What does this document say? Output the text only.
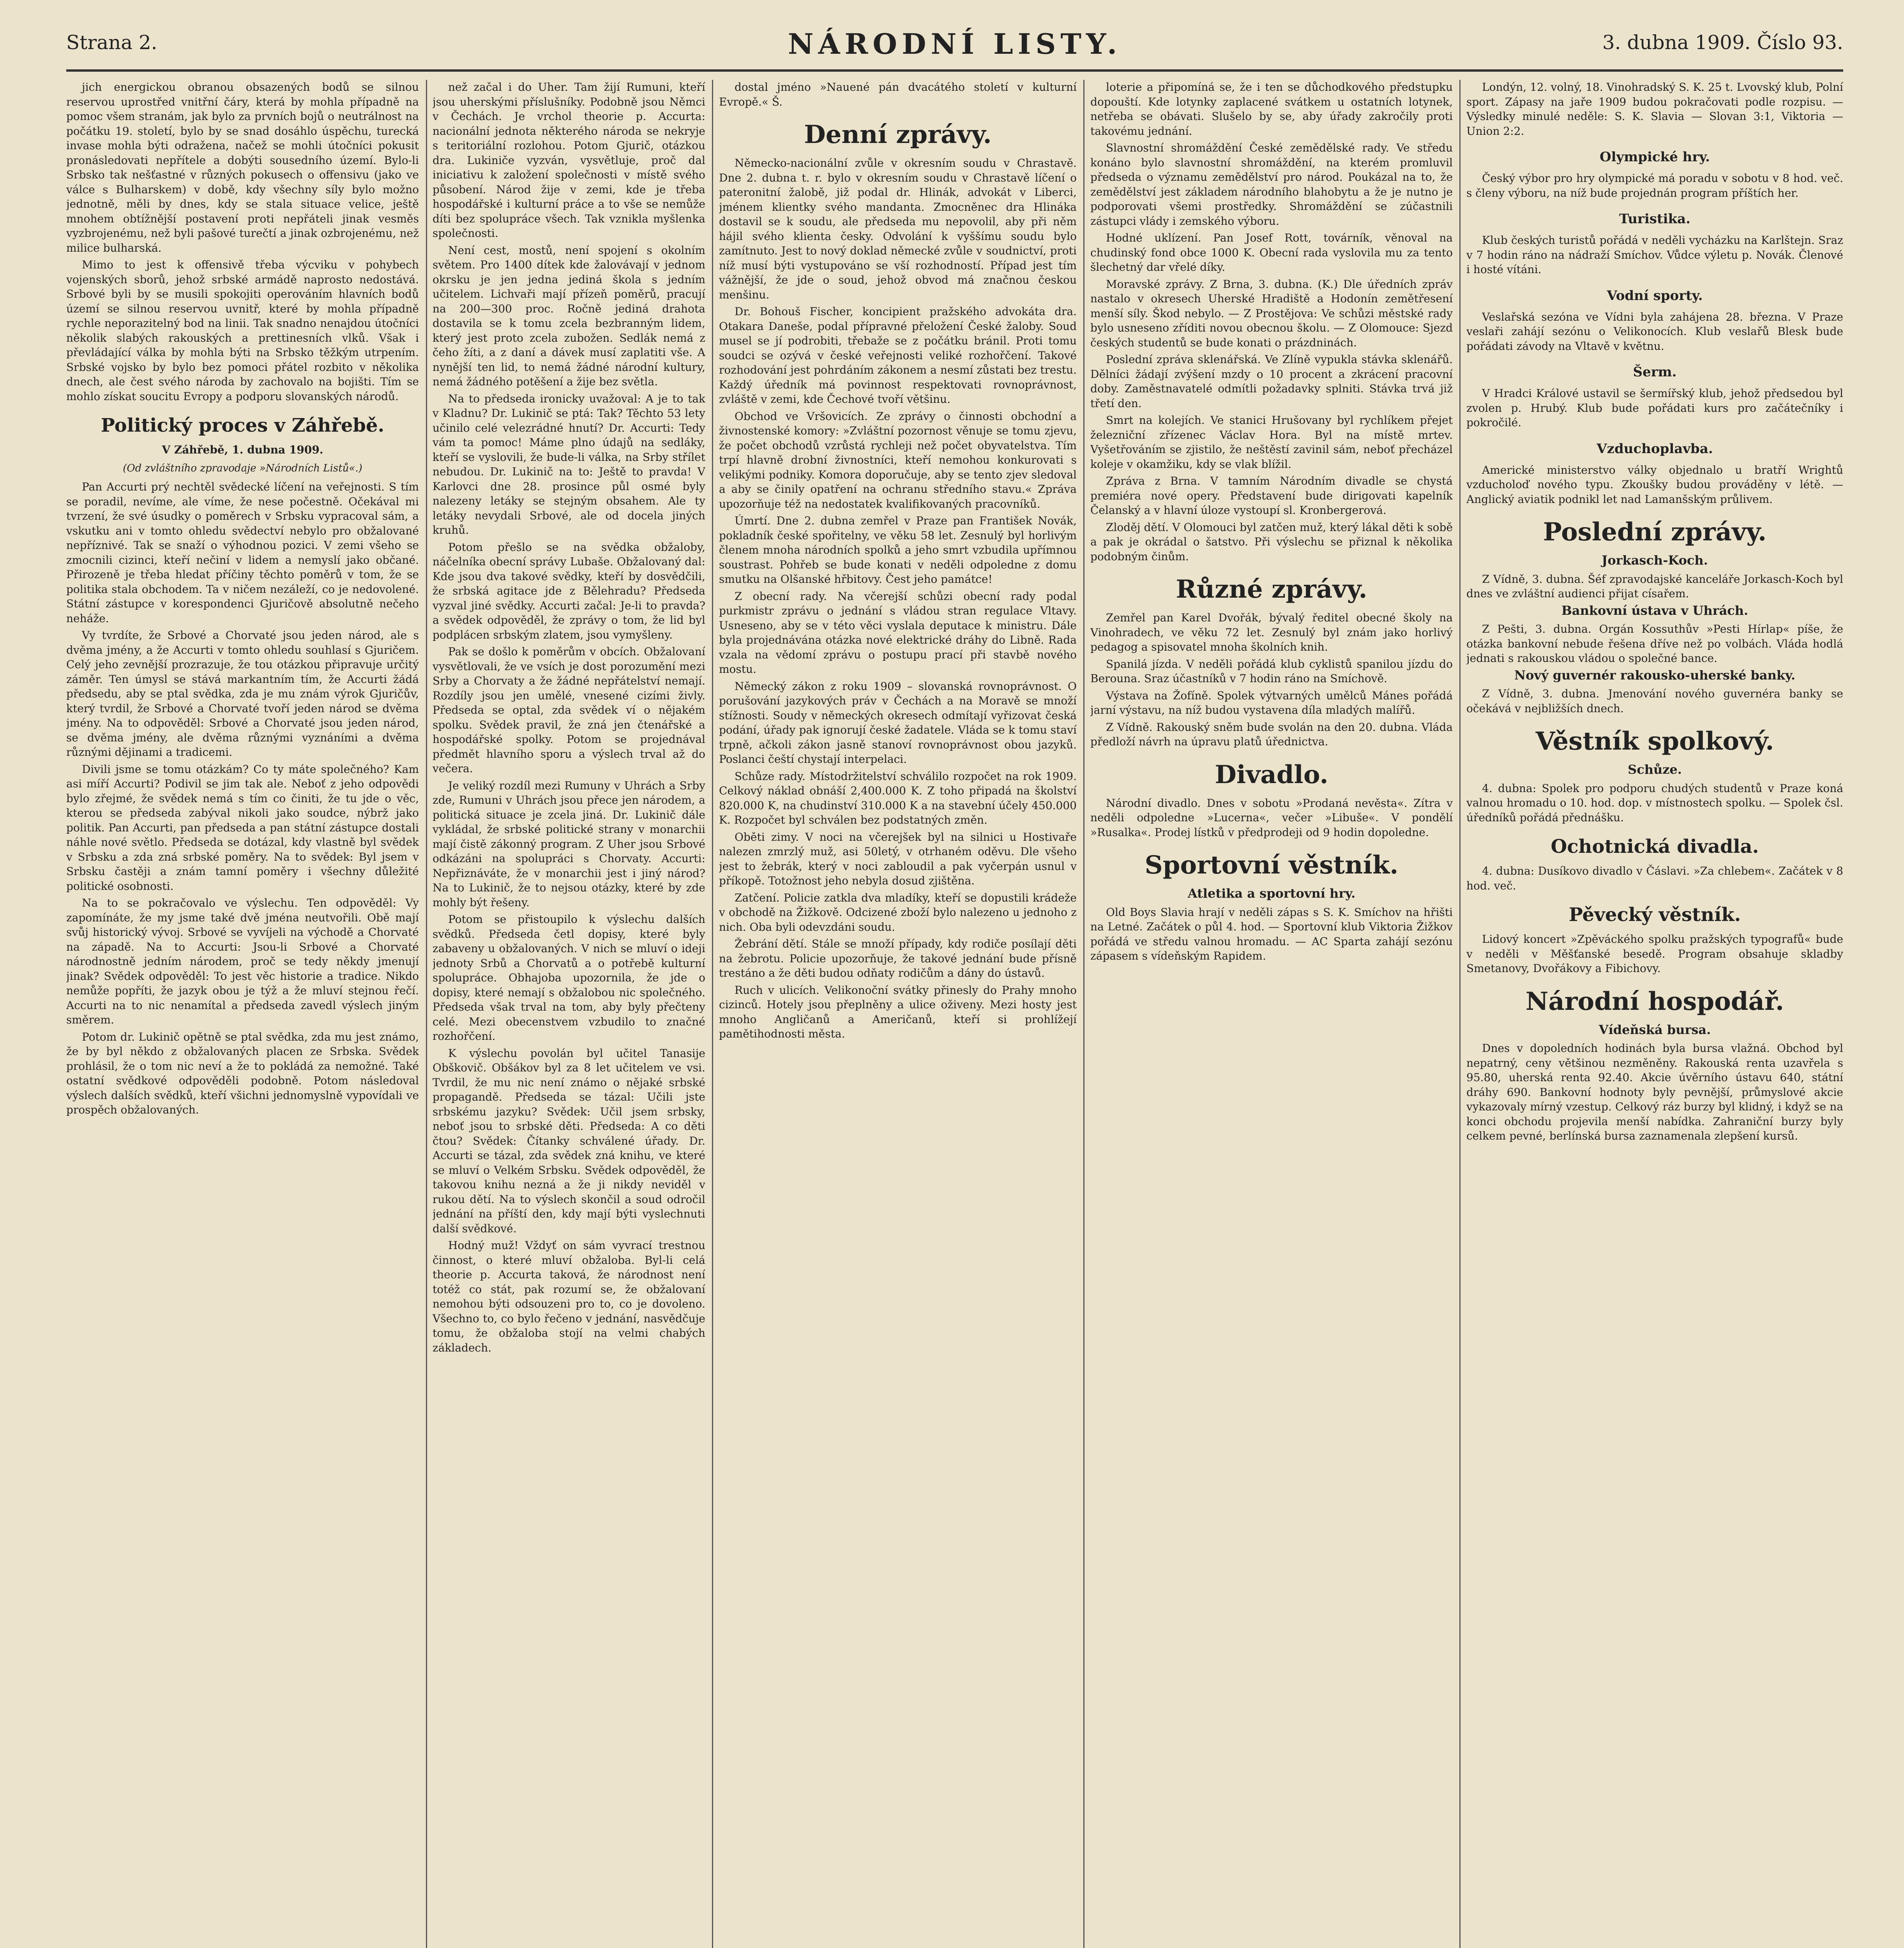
Strana 2.	NÁRODNÍ LISTY.	3. dubna 1909. Číslo 93.

jich energickou obranou obsazených bodů se silnou reservou uprostřed vnitřní čáry, která by mohla případně na pomoc všem stranám, jak bylo za prvních bojů o neutrálnost na počátku 19. století, bylo by se snad dosáhlo úspěchu, turecká invase mohla býti odražena, načež se mohli útočníci pokusit pronásledovati nepřítele a dobýti sousedního území. Bylo-li Srbsko tak nešťastné v různých pokusech o offensivu (jako ve válce s Bulharskem) v době, kdy všechny síly bylo možno jednotně, měli by dnes, kdy se stala situace velice, ještě mnohem obtížnější postavení proti nepřáteli jinak vesměs vyzbrojenému, než byli pašové turečtí a jinak ozbrojenému, než milice bulharská.

Mimo to jest k offensivě třeba výcviku v pohybech vojenských sborů, jehož srbské armádě naprosto nedostává. Srbové byli by se musili spokojiti operováním hlavních bodů území se silnou reservou uvnitř, které by mohla případně rychle neporazitelný bod na linii. Tak snadno nenajdou útočníci několik slabých rakouských a prettinesních vlků. Však i převládající válka by mohla býti na Srbsko těžkým utrpením. Srbské vojsko by bylo bez pomoci přátel rozbito v několika dnech, ale čest svého národa by zachovalo na bojišti. Tím se mohlo získat soucitu Evropy a podporu slovanských národů.

Politický proces v Záhřebě.
V Záhřebě, 1. dubna 1909.
(Od zvláštního zpravodaje »Národních Listů«.)

Pan Accurti prý nechtěl svědecké líčení na veřejnosti. S tím se poradil, nevíme, ale víme, že nese počestně. Očekával mi tvrzení, že své úsudky o poměrech v Srbsku vypracoval sám, a vskutku ani v tomto ohledu svědectví nebylo pro obžalované nepříznivé. Tak se snaží o výhodnou pozici. V zemi všeho se zmocnili cizinci, kteří nečiní v lidem a nemyslí jako občané. Přirozeně je třeba hledat příčiny těchto poměrů v tom, že se politika stala obchodem. Ta v ničem nezáleží, co je nedovolené. Státní zástupce v korespondenci Gjuričově absolutně nečeho neháže.

Vy tvrdíte, že Srbové a Chorvaté jsou jeden národ, ale s dvěma jmény, a že Accurti v tomto ohledu souhlasí s Gjuričem. Celý jeho zevnější prozrazuje, že tou otázkou připravuje určitý záměr. Ten úmysl se stává markantním tím, že Accurti žádá předsedu, aby se ptal svědka, zda je mu znám výrok Gjuričův, který tvrdil, že Srbové a Chorvaté tvoří jeden národ se dvěma jmény. Na to odpověděl: Srbové a Chorvaté jsou jeden národ, se dvěma jmény, ale dvěma různými vyznáními a dvěma různými dějinami a tradicemi.

Divili jsme se tomu otázkám? Co ty máte společného? Kam asi míří Accurti? Podivil se jim tak ale. Neboť z jeho odpovědi bylo zřejmé, že svědek nemá s tím co činiti, že tu jde o věc, kterou se předseda zabýval nikoli jako soudce, nýbrž jako politik. Pan Accurti, pan předseda a pan státní zástupce dostali náhle nové světlo. Předseda se dotázal, kdy vlastně byl svědek v Srbsku a zda zná srbské poměry. Na to svědek: Byl jsem v Srbsku častěji a znám tamní poměry i všechny důležité politické osobnosti.

Na to se pokračovalo ve výslechu. Ten odpověděl: Vy zapomínáte, že my jsme také dvě jména neutvořili. Obě mají svůj historický vývoj. Srbové se vyvíjeli na východě a Chorvaté na západě. Na to Accurti: Jsou-li Srbové a Chorvaté národnostně jedním národem, proč se tedy někdy jmenují jinak? Svědek odpověděl: To jest věc historie a tradice. Nikdo nemůže popříti, že jazyk obou je týž a že mluví stejnou řečí. Accurti na to nic nenamítal a předseda zavedl výslech jiným směrem.

Potom dr. Lukinič opětně se ptal svědka, zda mu jest známo, že by byl někdo z obžalovaných placen ze Srbska. Svědek prohlásil, že o tom nic neví a že to pokládá za nemožné. Také ostatní svědkové odpověděli podobně. Potom následoval výslech dalších svědků, kteří všichni jednomyslně vypovídali ve prospěch obžalovaných.

než začal i do Uher. Tam žijí Rumuni, kteří jsou uherskými příslušníky. Podobně jsou Němci v Čechách. Je vrchol theorie p. Accurta: nacionální jednota některého národa se nekryje s teritoriální rozlohou. Potom Gjurič, otázkou dra. Lukiniče vyzván, vysvětluje, proč dal iniciativu k založení společnosti v místě svého působení. Národ žije v zemi, kde je třeba hospodářské i kulturní práce a to vše se nemůže díti bez spolupráce všech. Tak vznikla myšlenka společnosti.

Není cest, mostů, není spojení s okolním světem. Pro 1400 dítek kde žalovávají v jednom okrsku je jen jedna jediná škola s jedním učitelem. Lichvaři mají přízeň poměrů, pracují na 200—300 proc. Ročně jediná drahota dostavila se k tomu zcela bezbranným lidem, který jest proto zcela zubožen. Sedlák nemá z čeho žíti, a z daní a dávek musí zaplatiti vše. A nynější ten lid, to nemá žádné národní kultury, nemá žádného potěšení a žije bez světla.

Na to předseda ironicky uvažoval: A je to tak v Kladnu? Dr. Lukinič se ptá: Tak? Těchto 53 lety učinilo celé velezrádné hnutí? Dr. Accurti: Tedy vám ta pomoc! Máme plno údajů na sedláky, kteří se vyslovili, že bude-li válka, na Srby střílet nebudou. Dr. Lukinič na to: Ještě to pravda! V Karlovci dne 28. prosince půl osmé byly nalezeny letáky se stejným obsahem. Ale ty letáky nevydali Srbové, ale od docela jiných kruhů.

Potom přešlo se na svědka obžaloby, náčelníka obecní správy Lubaše. Obžalovaný dal: Kde jsou dva takové svědky, kteří by dosvědčili, že srbská agitace jde z Bělehradu? Předseda vyzval jiné svědky. Accurti začal: Je-li to pravda? a svědek odpověděl, že zprávy o tom, že lid byl podplácen srbským zlatem, jsou vymyšleny.

Pak se došlo k poměrům v obcích. Obžalovaní vysvětlovali, že ve vsích je dost porozumění mezi Srby a Chorvaty a že žádné nepřátelství nemají. Rozdíly jsou jen umělé, vnesené cizími živly. Předseda se optal, zda svědek ví o nějakém spolku. Svědek pravil, že zná jen čtenářské a hospodářské spolky. Potom se projednával předmět hlavního sporu a výslech trval až do večera.

Je veliký rozdíl mezi Rumuny v Uhrách a Srby zde, Rumuni v Uhrách jsou přece jen národem, a politická situace je zcela jiná. Dr. Lukinič dále vykládal, že srbské politické strany v monarchii mají čistě zákonný program. Z Uher jsou Srbové odkázáni na spolupráci s Chorvaty. Accurti: Nepřiznáváte, že v monarchii jest i jiný národ? Na to Lukinič, že to nejsou otázky, které by zde mohly být řešeny.

Potom se přistoupilo k výslechu dalších svědků. Předseda četl dopisy, které byly zabaveny u obžalovaných. V nich se mluví o ideji jednoty Srbů a Chorvatů a o potřebě kulturní spolupráce. Obhajoba upozornila, že jde o dopisy, které nemají s obžalobou nic společného. Předseda však trval na tom, aby byly přečteny celé. Mezi obecenstvem vzbudilo to značné rozhořčení.

K výslechu povolán byl učitel Tanasije Obškovič. Obšákov byl za 8 let učitelem ve vsi. Tvrdil, že mu nic není známo o nějaké srbské propagandě. Předseda se tázal: Učili jste srbskému jazyku? Svědek: Učil jsem srbsky, neboť jsou to srbské děti. Předseda: A co děti čtou? Svědek: Čítanky schválené úřady. Dr. Accurti se tázal, zda svědek zná knihu, ve které se mluví o Velkém Srbsku. Svědek odpověděl, že takovou knihu nezná a že ji nikdy neviděl v rukou dětí. Na to výslech skončil a soud odročil jednání na příští den, kdy mají býti vyslechnuti další svědkové.

Hodný muž! Vždyť on sám vyvrací trestnou činnost, o které mluví obžaloba. Byl-li celá theorie p. Accurta taková, že národnost není totéž co stát, pak rozumí se, že obžalovaní nemohou býti odsouzeni pro to, co je dovoleno. Všechno to, co bylo řečeno v jednání, nasvědčuje tomu, že obžaloba stojí na velmi chabých základech.

dostal jméno »Nauené pán dvacátého století v kulturní Evropě.« Š.

Denní zprávy.

Německo-nacionální zvůle v okresním soudu v Chrastavě. Dne 2. dubna t. r. bylo v okresním soudu v Chrastavě líčení o pateronitní žalobě, již podal dr. Hlinák, advokát v Liberci, jménem klientky svého mandanta. Zmocněnec dra Hlináka dostavil se k soudu, ale předseda mu nepovolil, aby při něm hájil svého klienta česky. Odvolání k vyššímu soudu bylo zamítnuto. Jest to nový doklad německé zvůle v soudnictví, proti níž musí býti vystupováno se vší rozhodností. Případ jest tím vážnější, že jde o soud, jehož obvod má značnou českou menšinu.

Dr. Bohouš Fischer, koncipient pražského advokáta dra. Otakara Daneše, podal přípravné přeložení České žaloby. Soud musel se jí podrobiti, třebaže se z počátku bránil. Proti tomu soudci se ozývá v české veřejnosti veliké rozhořčení. Takové rozhodování jest pohrdáním zákonem a nesmí zůstati bez trestu. Každý úředník má povinnost respektovati rovnoprávnost, zvláště v zemi, kde Čechové tvoří většinu.

Obchod ve Vršovicích. Ze zprávy o činnosti obchodní a živnostenské komory: »Zvláštní pozornost věnuje se tomu zjevu, že počet obchodů vzrůstá rychleji než počet obyvatelstva. Tím trpí hlavně drobní živnostníci, kteří nemohou konkurovati s velikými podniky. Komora doporučuje, aby se tento zjev sledoval a aby se činily opatření na ochranu středního stavu.« Zpráva upozorňuje též na nedostatek kvalifikovaných pracovníků.

Úmrtí. Dne 2. dubna zemřel v Praze pan František Novák, pokladník české spořitelny, ve věku 58 let. Zesnulý byl horlivým členem mnoha národních spolků a jeho smrt vzbudila upřímnou soustrast. Pohřeb se bude konati v neděli odpoledne z domu smutku na Olšanské hřbitovy. Čest jeho památce!

Z obecní rady. Na včerejší schůzi obecní rady podal purkmistr zprávu o jednání s vládou stran regulace Vltavy. Usneseno, aby se v této věci vyslala deputace k ministru. Dále byla projednávána otázka nové elektrické dráhy do Libně. Rada vzala na vědomí zprávu o postupu prací při stavbě nového mostu.

Německý zákon z roku 1909 – slovanská rovnoprávnost. O porušování jazykových práv v Čechách a na Moravě se množí stížnosti. Soudy v německých okresech odmítají vyřizovat česká podání, úřady pak ignorují české žadatele. Vláda se k tomu staví trpně, ačkoli zákon jasně stanoví rovnoprávnost obou jazyků. Poslanci čeští chystají interpelaci.

Schůze rady. Místodržitelství schválilo rozpočet na rok 1909. Celkový náklad obnáší 2,400.000 K. Z toho připadá na školství 820.000 K, na chudinství 310.000 K a na stavební účely 450.000 K. Rozpočet byl schválen bez podstatných změn.

Oběti zimy. V noci na včerejšek byl na silnici u Hostivaře nalezen zmrzlý muž, asi 50letý, v otrhaném oděvu. Dle všeho jest to žebrák, který v noci zabloudil a pak vyčerpán usnul v příkopě. Totožnost jeho nebyla dosud zjištěna.

Zatčení. Policie zatkla dva mladíky, kteří se dopustili krádeže v obchodě na Žižkově. Odcizené zboží bylo nalezeno u jednoho z nich. Oba byli odevzdáni soudu.

Žebrání dětí. Stále se množí případy, kdy rodiče posílají děti na žebrotu. Policie upozorňuje, že takové jednání bude přísně trestáno a že děti budou odňaty rodičům a dány do ústavů.

Ruch v ulicích. Velikonoční svátky přinesly do Prahy mnoho cizinců. Hotely jsou přeplněny a ulice oživeny. Mezi hosty jest mnoho Angličanů a Američanů, kteří si prohlížejí pamětihodnosti města.

loterie a připomíná se, že i ten se důchodkového předstupku dopouští. Kde lotynky zaplacené svátkem u ostatních lotynek, netřeba se obávati. Slušelo by se, aby úřady zakročily proti takovému jednání.

Slavnostní shromáždění České zemědělské rady. Ve středu konáno bylo slavnostní shromáždění, na kterém promluvil předseda o významu zemědělství pro národ. Poukázal na to, že zemědělství jest základem národního blahobytu a že je nutno je podporovati všemi prostředky. Shromáždění se zúčastnili zástupci vlády i zemského výboru.

Hodné uklízení. Pan Josef Rott, továrník, věnoval na chudinský fond obce 1000 K. Obecní rada vyslovila mu za tento šlechetný dar vřelé díky.

Moravské zprávy. Z Brna, 3. dubna. (K.) Dle úředních zpráv nastalo v okresech Uherské Hradiště a Hodonín zemětřesení menší síly. Škod nebylo. — Z Prostějova: Ve schůzi městské rady bylo usneseno zříditi novou obecnou školu. — Z Olomouce: Sjezd českých studentů se bude konati o prázdninách.

Poslední zpráva sklenářská. Ve Zlíně vypukla stávka sklenářů. Dělníci žádají zvýšení mzdy o 10 procent a zkrácení pracovní doby. Zaměstnavatelé odmítli požadavky splniti. Stávka trvá již třetí den.

Smrt na kolejích. Ve stanici Hrušovany byl rychlíkem přejet železniční zřízenec Václav Hora. Byl na místě mrtev. Vyšetřováním se zjistilo, že neštěstí zavinil sám, neboť přecházel koleje v okamžiku, kdy se vlak blížil.

Zpráva z Brna. V tamním Národním divadle se chystá premiéra nové opery. Představení bude dirigovati kapelník Čelanský a v hlavní úloze vystoupí sl. Kronbergerová.

Zloděj dětí. V Olomouci byl zatčen muž, který lákal děti k sobě a pak je okrádal o šatstvo. Při výslechu se přiznal k několika podobným činům.

Různé zprávy.

Zemřel pan Karel Dvořák, bývalý ředitel obecné školy na Vinohradech, ve věku 72 let. Zesnulý byl znám jako horlivý pedagog a spisovatel mnoha školních knih.

Spanilá jízda. V neděli pořádá klub cyklistů spanilou jízdu do Berouna. Sraz účastníků v 7 hodin ráno na Smíchově.

Výstava na Žofíně. Spolek výtvarných umělců Mánes pořádá jarní výstavu, na níž budou vystavena díla mladých malířů.

Z Vídně. Rakouský sněm bude svolán na den 20. dubna. Vláda předloží návrh na úpravu platů úřednictva.

Divadlo.

Národní divadlo. Dnes v sobotu »Prodaná nevěsta«. Zítra v neděli odpoledne »Lucerna«, večer »Libuše«. V pondělí »Rusalka«. Prodej lístků v předprodeji od 9 hodin dopoledne.

Sportovní věstník.
Atletika a sportovní hry.

Old Boys Slavia hrají v neděli zápas s S. K. Smíchov na hřišti na Letné. Začátek o půl 4. hod. — Sportovní klub Viktoria Žižkov pořádá ve středu valnou hromadu. — AC Sparta zahájí sezónu zápasem s vídeňským Rapidem.

Londýn, 12. volný, 18. Vinohradský S. K. 25 t. Lvovský klub, Polní sport. Zápasy na jaře 1909 budou pokračovati podle rozpisu. — Výsledky minulé neděle: S. K. Slavia — Slovan 3:1, Viktoria — Union 2:2.

Olympické hry.

Český výbor pro hry olympické má poradu v sobotu v 8 hod. več. s členy výboru, na níž bude projednán program příštích her.

Turistika.

Klub českých turistů pořádá v neděli vycházku na Karlštejn. Sraz v 7 hodin ráno na nádraží Smíchov. Vůdce výletu p. Novák. Členové i hosté vítáni.

Vodní sporty.

Veslařská sezóna ve Vídni byla zahájena 28. března. V Praze veslaři zahájí sezónu o Velikonocích. Klub veslařů Blesk bude pořádati závody na Vltavě v květnu.

Šerm.

V Hradci Králové ustavil se šermířský klub, jehož předsedou byl zvolen p. Hrubý. Klub bude pořádati kurs pro začátečníky i pokročilé.

Vzduchoplavba.

Americké ministerstvo války objednalo u bratří Wrightů vzducholoď nového typu. Zkoušky budou prováděny v létě. — Anglický aviatik podnikl let nad Lamanšským průlivem.

Poslední zprávy.
Jorkasch-Koch.

Z Vídně, 3. dubna. Šéf zpravodajské kanceláře Jorkasch-Koch byl dnes ve zvláštní audienci přijat císařem.

Bankovní ústava v Uhrách.

Z Pešti, 3. dubna. Orgán Kossuthův »Pesti Hírlap« píše, že otázka bankovní nebude řešena dříve než po volbách. Vláda hodlá jednati s rakouskou vládou o společné bance.

Nový guvernér rakousko-uherské banky.

Z Vídně, 3. dubna. Jmenování nového guvernéra banky se očekává v nejbližších dnech.

Věstník spolkový.
Schůze.

4. dubna: Spolek pro podporu chudých studentů v Praze koná valnou hromadu o 10. hod. dop. v místnostech spolku. — Spolek čsl. úředníků pořádá přednášku.

Ochotnická divadla.

4. dubna: Dusíkovo divadlo v Čáslavi. »Za chlebem«. Začátek v 8 hod. več.

Pěvecký věstník.

Lidový koncert »Zpěváckého spolku pražských typografů« bude v neděli v Měšťanské besedě. Program obsahuje skladby Smetanovy, Dvořákovy a Fibichovy.

Národní hospodář.
Vídeňská bursa.

Dnes v dopoledních hodinách byla bursa vlažná. Obchod byl nepatrný, ceny většinou nezměněny. Rakouská renta uzavřela s 95.80, uherská renta 92.40. Akcie úvěrního ústavu 640, státní dráhy 690. Bankovní hodnoty byly pevnější, průmyslové akcie vykazovaly mírný vzestup. Celkový ráz burzy byl klidný, i když se na konci obchodu projevila menší nabídka. Zahraniční burzy byly celkem pevné, berlínská bursa zaznamenala zlepšení kursů.
